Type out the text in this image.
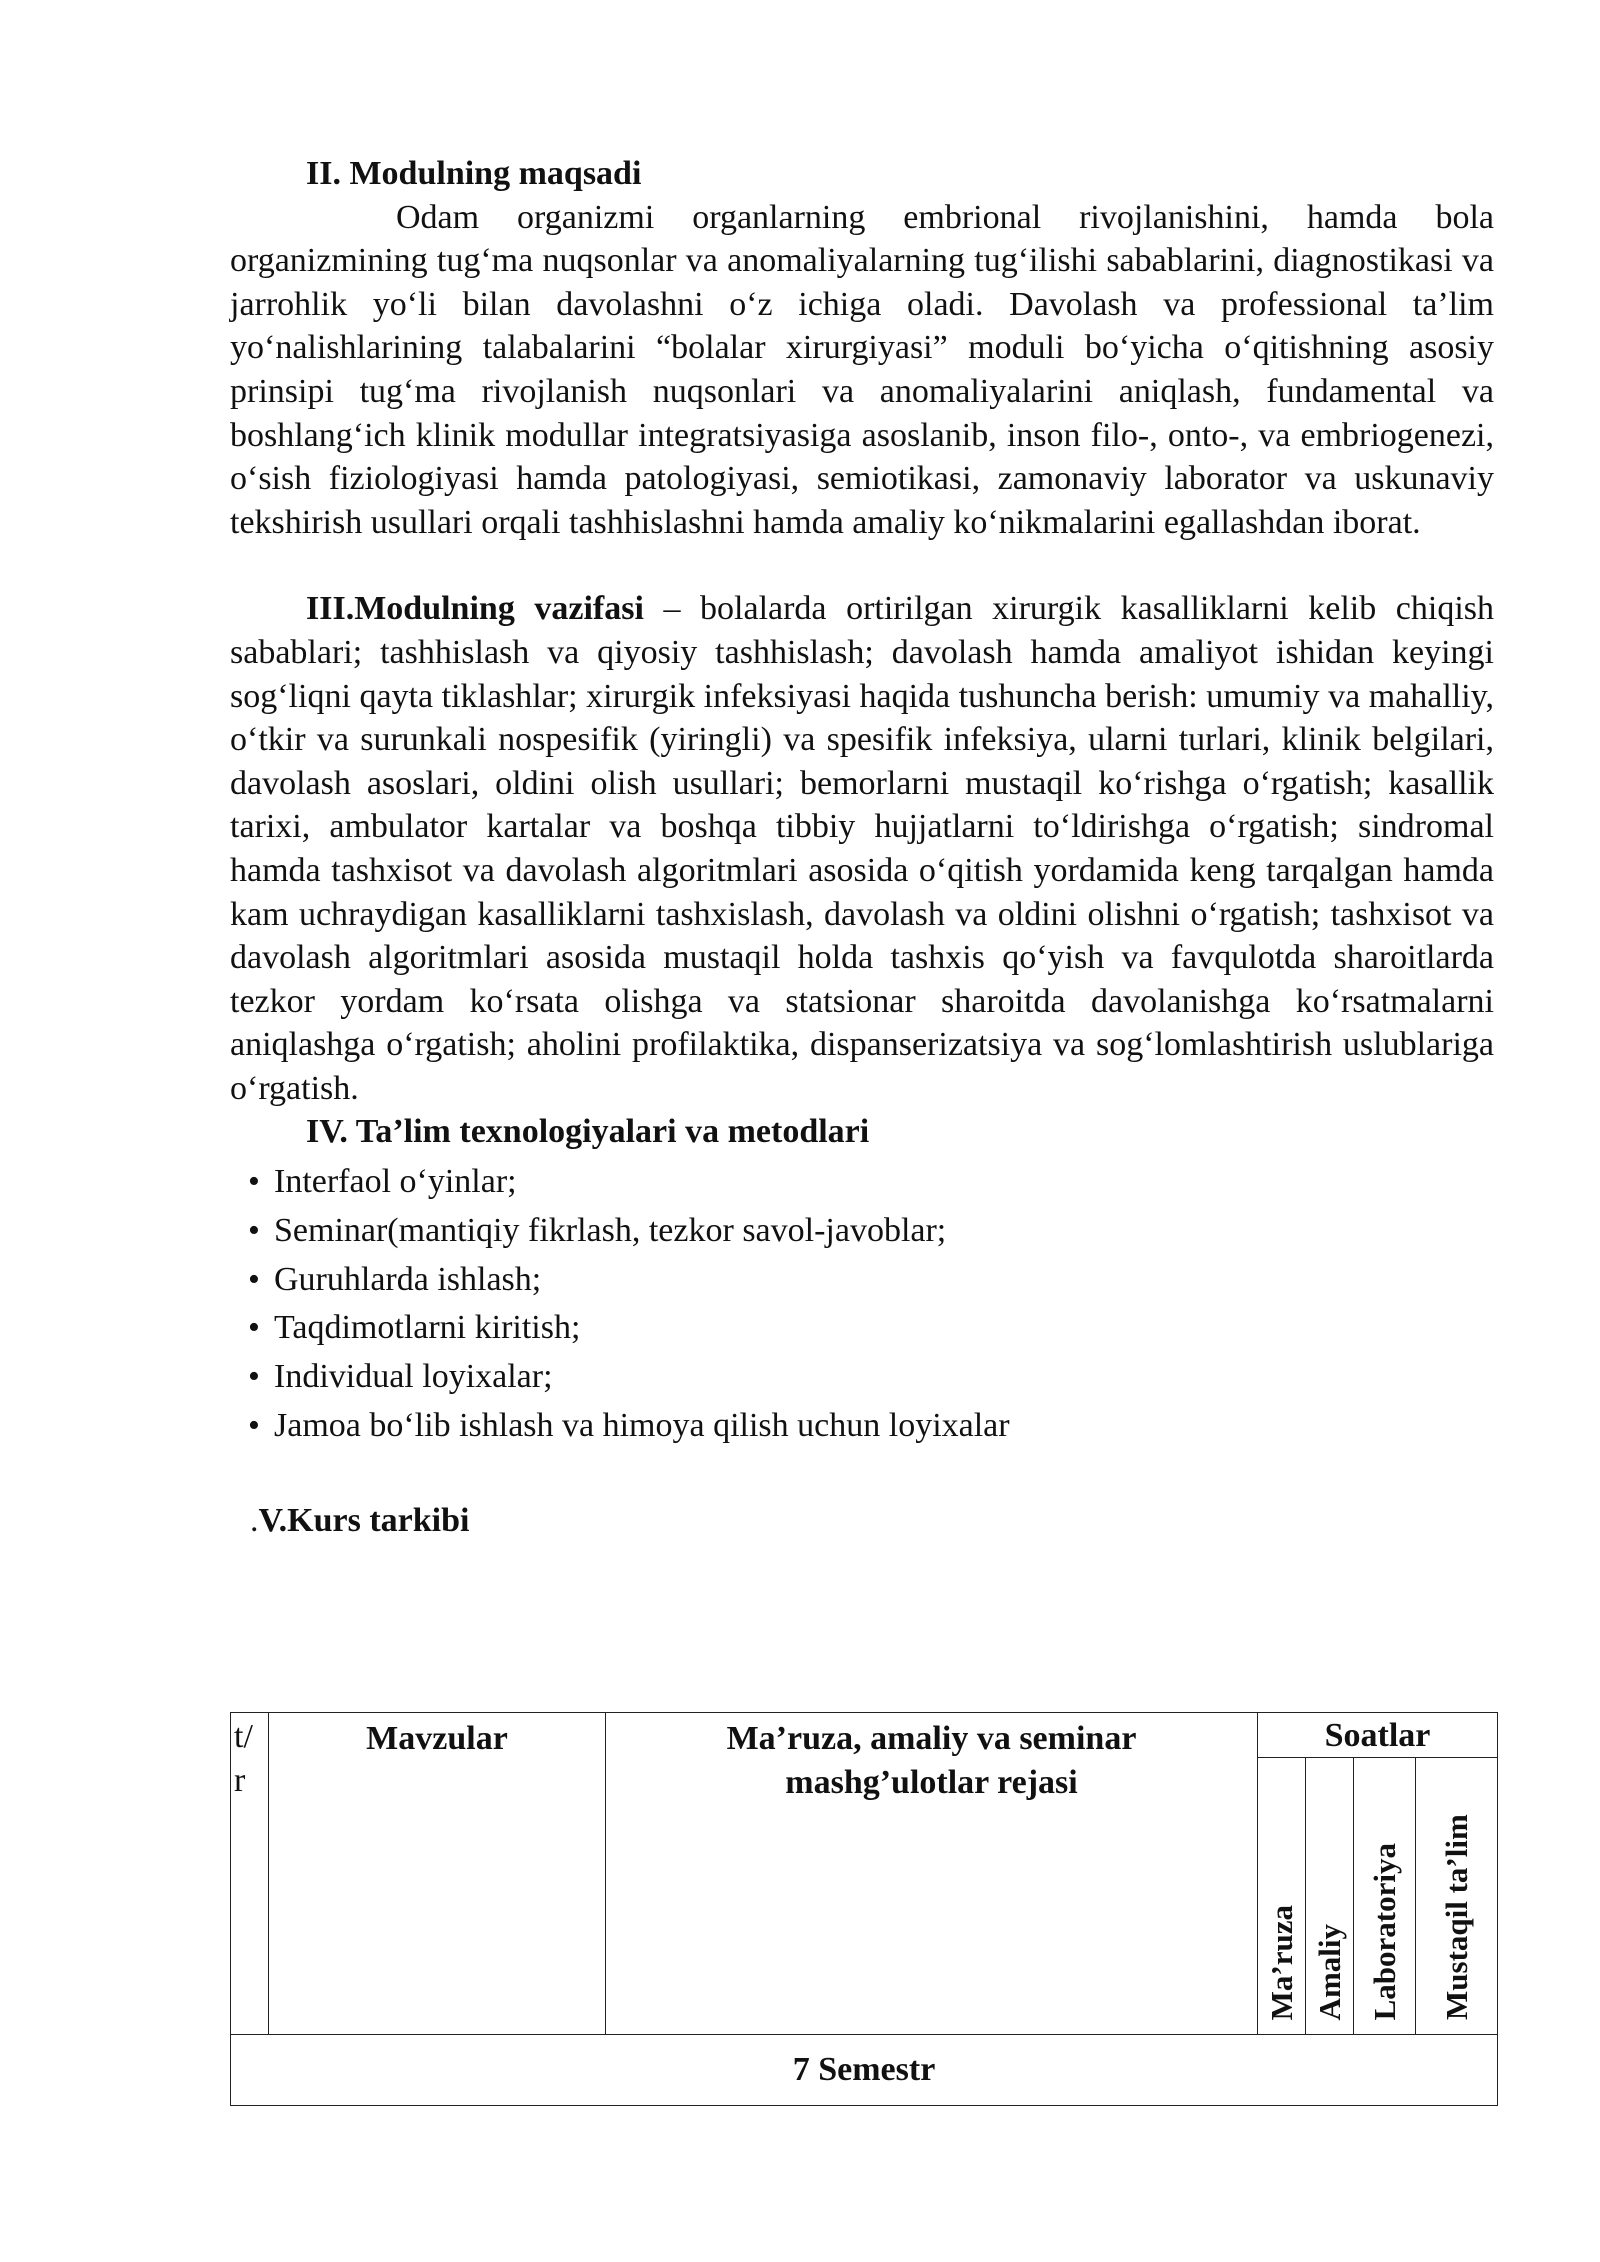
II. Modulning maqsadi

Odam organizmi organlarning embrional rivojlanishini, hamda bola organizmining tug‘ma nuqsonlar va anomaliyalarning tug‘ilishi sabablarini, diagnostikasi va jarrohlik yo‘li bilan davolashni o‘z ichiga oladi. Davolash va professional ta’lim yo‘nalishlarining talabalarini “bolalar xirurgiyasi” moduli bo‘yicha o‘qitishning asosiy prinsipi tug‘ma rivojlanish nuqsonlari va anomaliyalarini aniqlash, fundamental va boshlang‘ich klinik modullar integratsiyasiga asoslanib, inson filo-, onto-, va embriogenezi, o‘sish fiziologiyasi hamda patologiyasi, semiotikasi, zamonaviy laborator va uskunaviy tekshirish usullari orqali tashhislashni hamda amaliy ko‘nikmalarini egallashdan iborat.

III.Modulning vazifasi – bolalarda ortirilgan xirurgik kasalliklarni kelib chiqish sabablari; tashhislash va qiyosiy tashhislash; davolash hamda amaliyot ishidan keyingi sog‘liqni qayta tiklashlar; xirurgik infeksiyasi haqida tushuncha berish: umumiy va mahalliy, o‘tkir va surunkali nospesifik (yiringli) va spesifik infeksiya, ularni turlari, klinik belgilari, davolash asoslari, oldini olish usullari; bemorlarni mustaqil ko‘rishga o‘rgatish; kasallik tarixi, ambulator kartalar va boshqa tibbiy hujjatlarni to‘ldirishga o‘rgatish; sindromal hamda tashxisot va davolash algoritmlari asosida o‘qitish yordamida keng tarqalgan hamda kam uchraydigan kasalliklarni tashxislash, davolash va oldini olishni o‘rgatish; tashxisot va davolash algoritmlari asosida mustaqil holda tashxis qo‘yish va favqulotda sharoitlarda tezkor yordam ko‘rsata olishga va statsionar sharoitda davolanishga ko‘rsatmalarni aniqlashga o‘rgatish; aholini profilaktika, dispanserizatsiya va sog‘lomlashtirish uslublariga o‘rgatish.

IV. Ta’lim texnologiyalari va metodlari

• Interfaol o‘yinlar;
• Seminar(mantiqiy fikrlash, tezkor savol-javoblar;
• Guruhlarda ishlash;
• Taqdimotlarni kiritish;
• Individual loyixalar;
• Jamoa bo‘lib ishlash va himoya qilish uchun loyixalar

.V.Kurs tarkibi

t/
r	Mavzular	Ma’ruza, amaliy va seminar mashg’ulotlar rejasi	Soatlar			

			Ma’ruza	Amaliy	Laboratoriya	Mustaqil ta’lim

7 Semestr						
